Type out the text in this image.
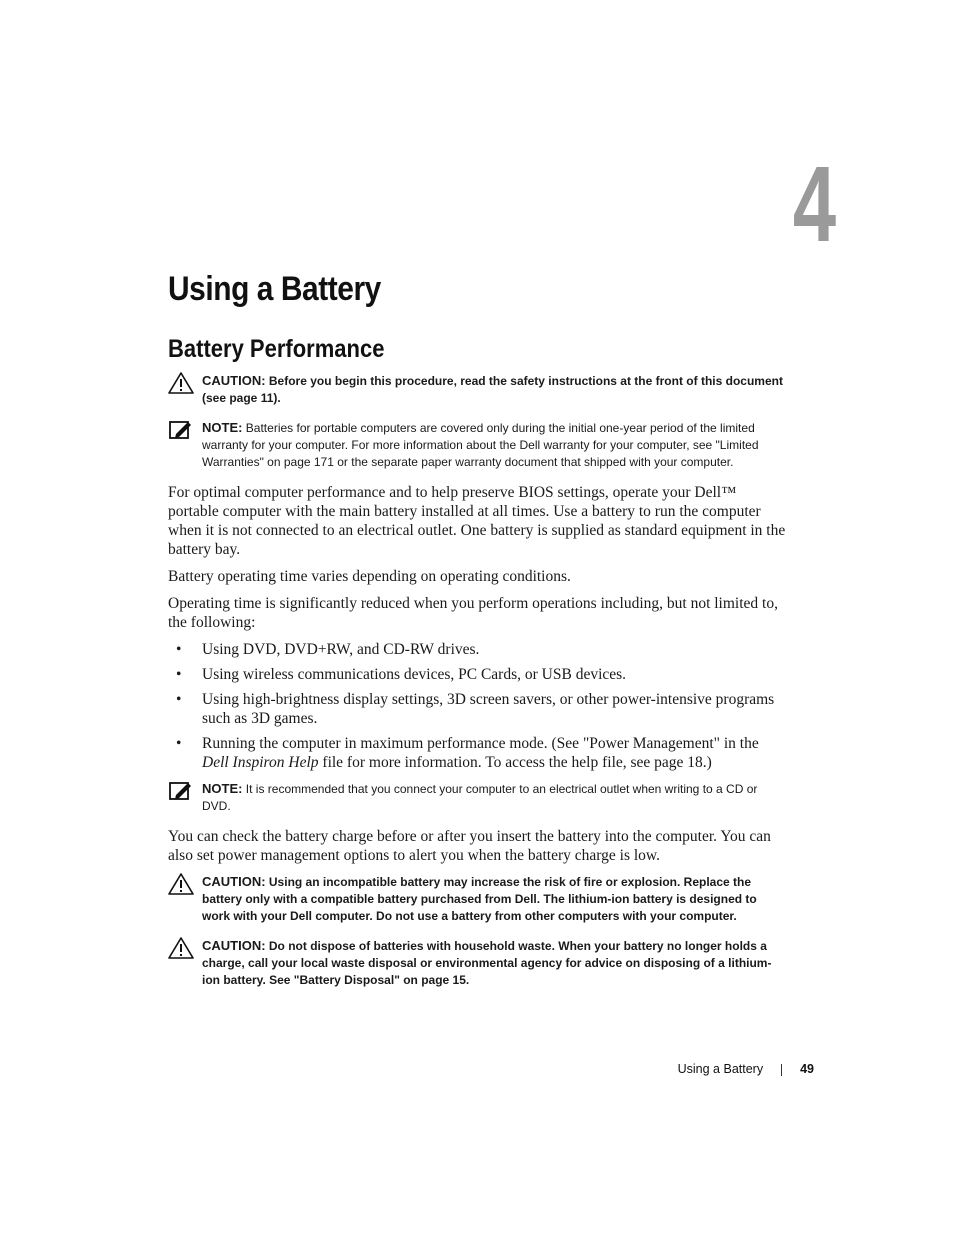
4
Using a Battery
Battery Performance
CAUTION: Before you begin this procedure, read the safety instructions at the front of this document (see page 11).
NOTE: Batteries for portable computers are covered only during the initial one-year period of the limited warranty for your computer. For more information about the Dell warranty for your computer, see "Limited Warranties" on page 171 or the separate paper warranty document that shipped with your computer.

For optimal computer performance and to help preserve BIOS settings, operate your Dell™ portable computer with the main battery installed at all times. Use a battery to run the computer when it is not connected to an electrical outlet. One battery is supplied as standard equipment in the battery bay.

Battery operating time varies depending on operating conditions.

Operating time is significantly reduced when you perform operations including, but not limited to, the following:

• Using DVD, DVD+RW, and CD-RW drives.
• Using wireless communications devices, PC Cards, or USB devices.
• Using high-brightness display settings, 3D screen savers, or other power-intensive programs such as 3D games.
• Running the computer in maximum performance mode. (See "Power Management" in the Dell Inspiron Help file for more information. To access the help file, see page 18.)
NOTE: It is recommended that you connect your computer to an electrical outlet when writing to a CD or DVD.

You can check the battery charge before or after you insert the battery into the computer. You can also set power management options to alert you when the battery charge is low.

CAUTION: Using an incompatible battery may increase the risk of fire or explosion. Replace the battery only with a compatible battery purchased from Dell. The lithium-ion battery is designed to work with your Dell computer. Do not use a battery from other computers with your computer.
CAUTION: Do not dispose of batteries with household waste. When your battery no longer holds a charge, call your local waste disposal or environmental agency for advice on disposing of a lithium-ion battery. See "Battery Disposal" on page 15.
Using a Battery	49
